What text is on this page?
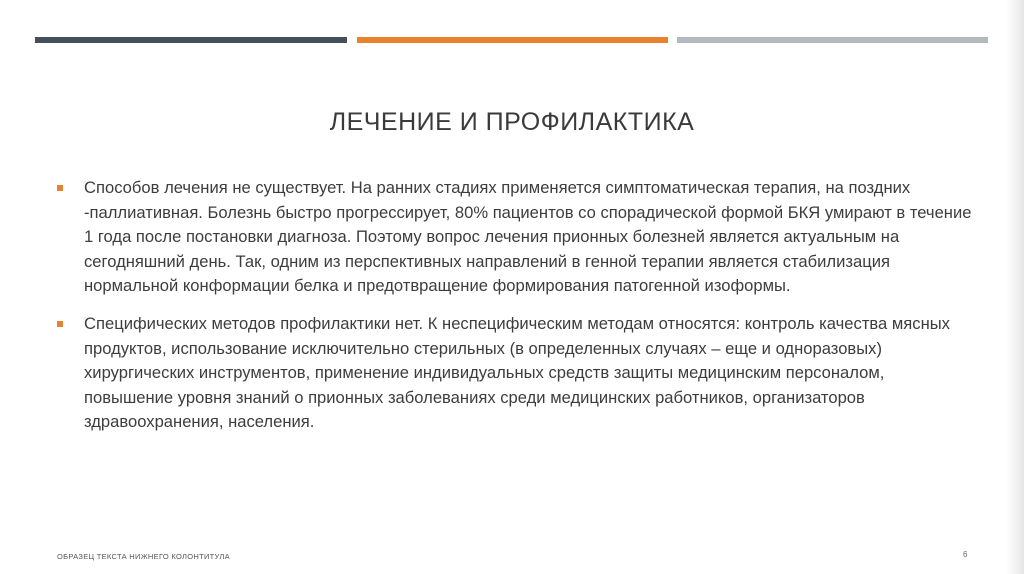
ЛЕЧЕНИЕ И ПРОФИЛАКТИКА
Способов лечения не существует. На ранних стадиях применяется симптоматическая терапия, на поздних -паллиативная. Болезнь быстро прогрессирует, 80% пациентов со спорадической формой БКЯ умирают в течение 1 года после постановки диагноза. Поэтому вопрос лечения прионных болезней является актуальным на сегодняшний день. Так, одним из перспективных направлений в генной терапии является стабилизация нормальной конформации белка и предотвращение формирования патогенной изоформы.
Специфических методов профилактики нет. К неспецифическим методам относятся: контроль качества мясных продуктов, использование исключительно стерильных (в определенных случаях – еще и одноразовых) хирургических инструментов, применение индивидуальных средств защиты медицинским персоналом, повышение уровня знаний о прионных заболеваниях среди медицинских работников, организаторов здравоохранения, населения.
ОБРАЗЕЦ ТЕКСТА НИЖНЕГО КОЛОНТИТУЛА	6
